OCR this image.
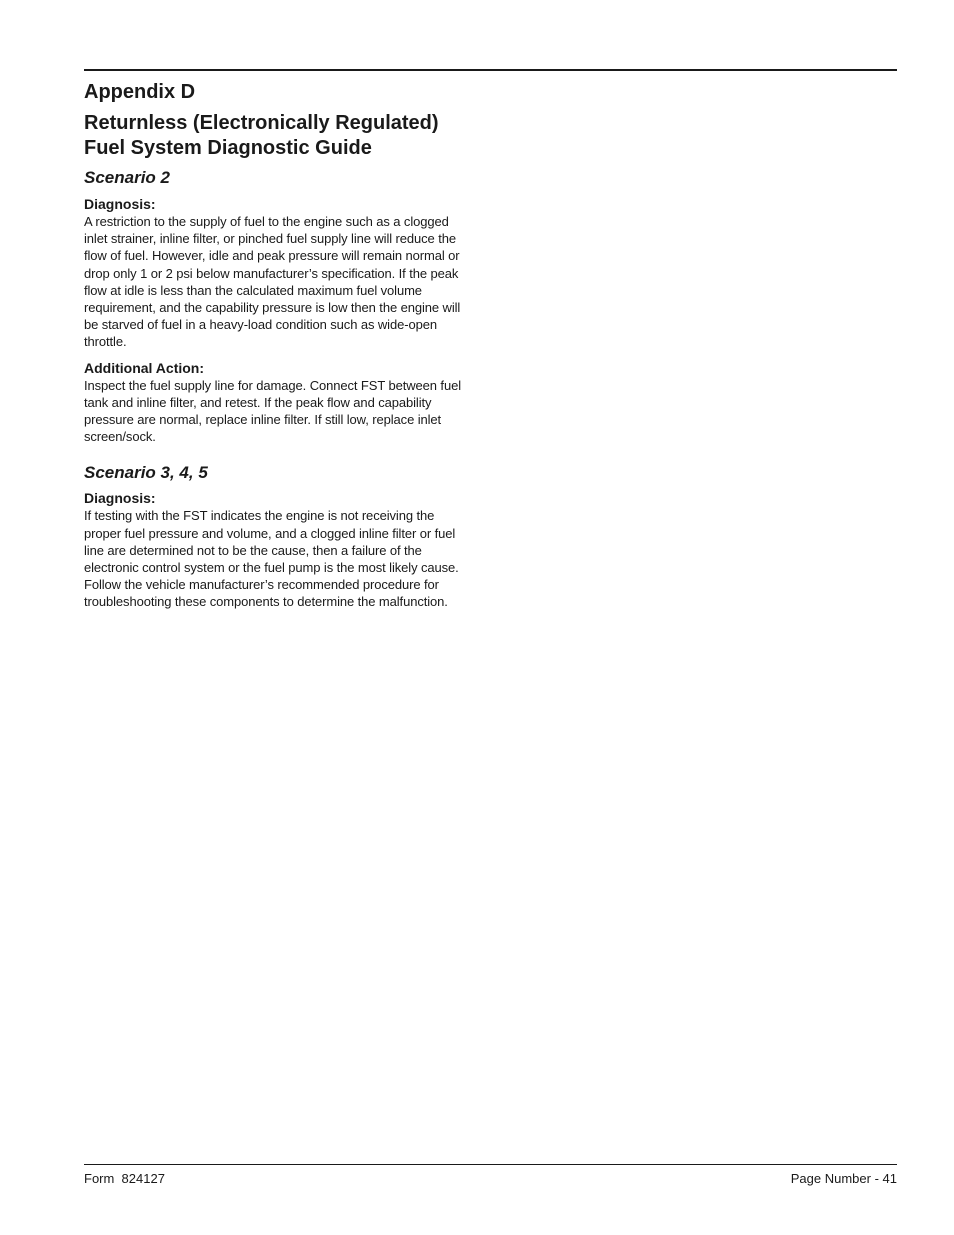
Appendix D
Returnless (Electronically Regulated) Fuel System Diagnostic Guide
Scenario 2
Diagnosis:

A restriction to the supply of fuel to the engine such as a clogged inlet strainer, inline filter, or pinched fuel supply line will reduce the flow of fuel. However, idle and peak pressure will remain normal or drop only 1 or 2 psi below manufacturer’s specification. If the peak flow at idle is less than the calculated maximum fuel volume requirement, and the capability pressure is low then the engine will be starved of fuel in a heavy-load condition such as wide-open throttle.

Additional Action:

Inspect the fuel supply line for damage. Connect FST between fuel tank and inline filter, and retest. If the peak flow and capability pressure are normal, replace inline filter. If still low, replace inlet screen/sock.

Scenario 3, 4, 5
Diagnosis:

If testing with the FST indicates the engine is not receiving the proper fuel pressure and volume, and a clogged inline filter or fuel line are determined not to be the cause, then a failure of the electronic control system or the fuel pump is the most likely cause. Follow the vehicle manufacturer’s recommended procedure for troubleshooting these components to determine the malfunction.

Form  824127	Page Number - 41
